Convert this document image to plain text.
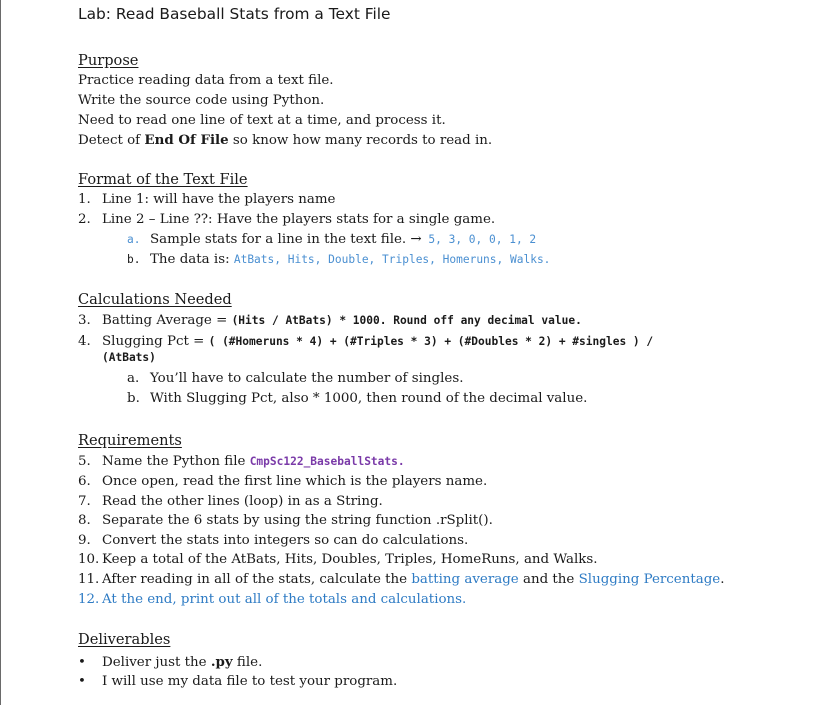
Lab: Read Baseball Stats from a Text File
Purpose
Practice reading data from a text file.
Write the source code using Python.
Need to read one line of text at a time, and process it.
Detect of End Of File so know how many records to read in.
Format of the Text File
1. Line 1: will have the players name
2. Line 2 – Line ??: Have the players stats for a single game.
a. Sample stats for a line in the text file. → 5, 3, 0, 0, 1, 2
b. The data is: AtBats, Hits, Double, Triples, Homeruns, Walks.
Calculations Needed
3. Batting Average = (Hits / AtBats) * 1000. Round off any decimal value.
4. Slugging Pct = ( (#Homeruns * 4) + (#Triples * 3) + (#Doubles * 2) + #singles ) /
(AtBats)
a. You’ll have to calculate the number of singles.
b. With Slugging Pct, also * 1000, then round of the decimal value.
Requirements
5. Name the Python file CmpSc122_BaseballStats.
6. Once open, read the first line which is the players name.
7. Read the other lines (loop) in as a String.
8. Separate the 6 stats by using the string function .rSplit().
9. Convert the stats into integers so can do calculations.
10. Keep a total of the AtBats, Hits, Doubles, Triples, HomeRuns, and Walks.
11. After reading in all of the stats, calculate the batting average and the Slugging Percentage.
12. At the end, print out all of the totals and calculations.
Deliverables
• Deliver just the .py file.
• I will use my data file to test your program.
